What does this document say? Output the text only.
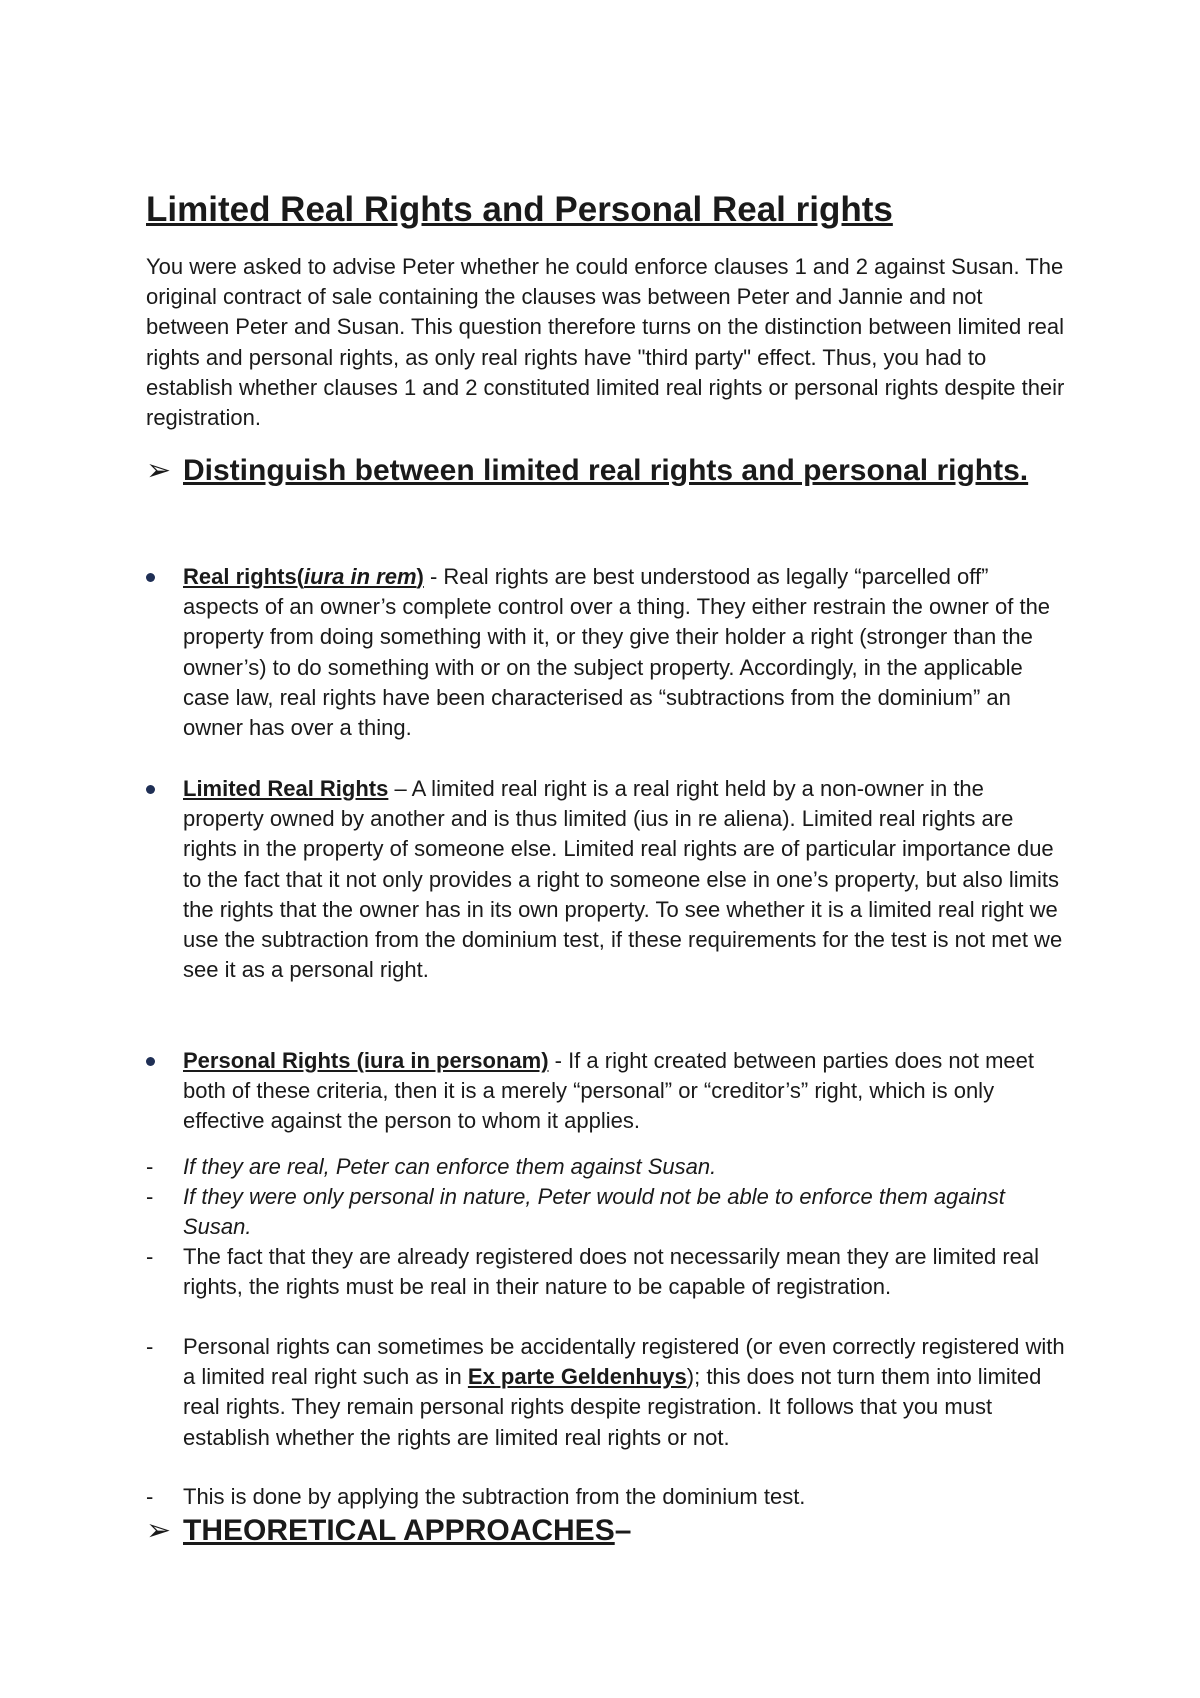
Limited Real Rights and Personal Real rights

You were asked to advise Peter whether he could enforce clauses 1 and 2 against Susan. The original contract of sale containing the clauses was between Peter and Jannie and not between Peter and Susan. This question therefore turns on the distinction between limited real rights and personal rights, as only real rights have "third party" effect. Thus, you had to establish whether clauses 1 and 2 constituted limited real rights or personal rights despite their registration.

➢ Distinguish between limited real rights and personal rights.
Real rights(iura in rem) - Real rights are best understood as legally “parcelled off” aspects of an owner’s complete control over a thing. They either restrain the owner of the property from doing something with it, or they give their holder a right (stronger than the owner’s) to do something with or on the subject property. Accordingly, in the applicable case law, real rights have been characterised as “subtractions from the dominium” an owner has over a thing.
Limited Real Rights – A limited real right is a real right held by a non-owner in the property owned by another and is thus limited (ius in re aliena). Limited real rights are rights in the property of someone else. Limited real rights are of particular importance due to the fact that it not only provides a right to someone else in one’s property, but also limits the rights that the owner has in its own property. To see whether it is a limited real right we use the subtraction from the dominium test, if these requirements for the test is not met we see it as a personal right.
Personal Rights (iura in personam) - If a right created between parties does not meet both of these criteria, then it is a merely “personal” or “creditor’s” right, which is only effective against the person to whom it applies.
-	If they are real, Peter can enforce them against Susan.
-	If they were only personal in nature, Peter would not be able to enforce them against Susan.
-	The fact that they are already registered does not necessarily mean they are limited real rights, the rights must be real in their nature to be capable of registration.
-	Personal rights can sometimes be accidentally registered (or even correctly registered with a limited real right such as in Ex parte Geldenhuys); this does not turn them into limited real rights. They remain personal rights despite registration. It follows that you must establish whether the rights are limited real rights or not.
-	This is done by applying the subtraction from the dominium test.
➢ THEORETICAL APPROACHES–
